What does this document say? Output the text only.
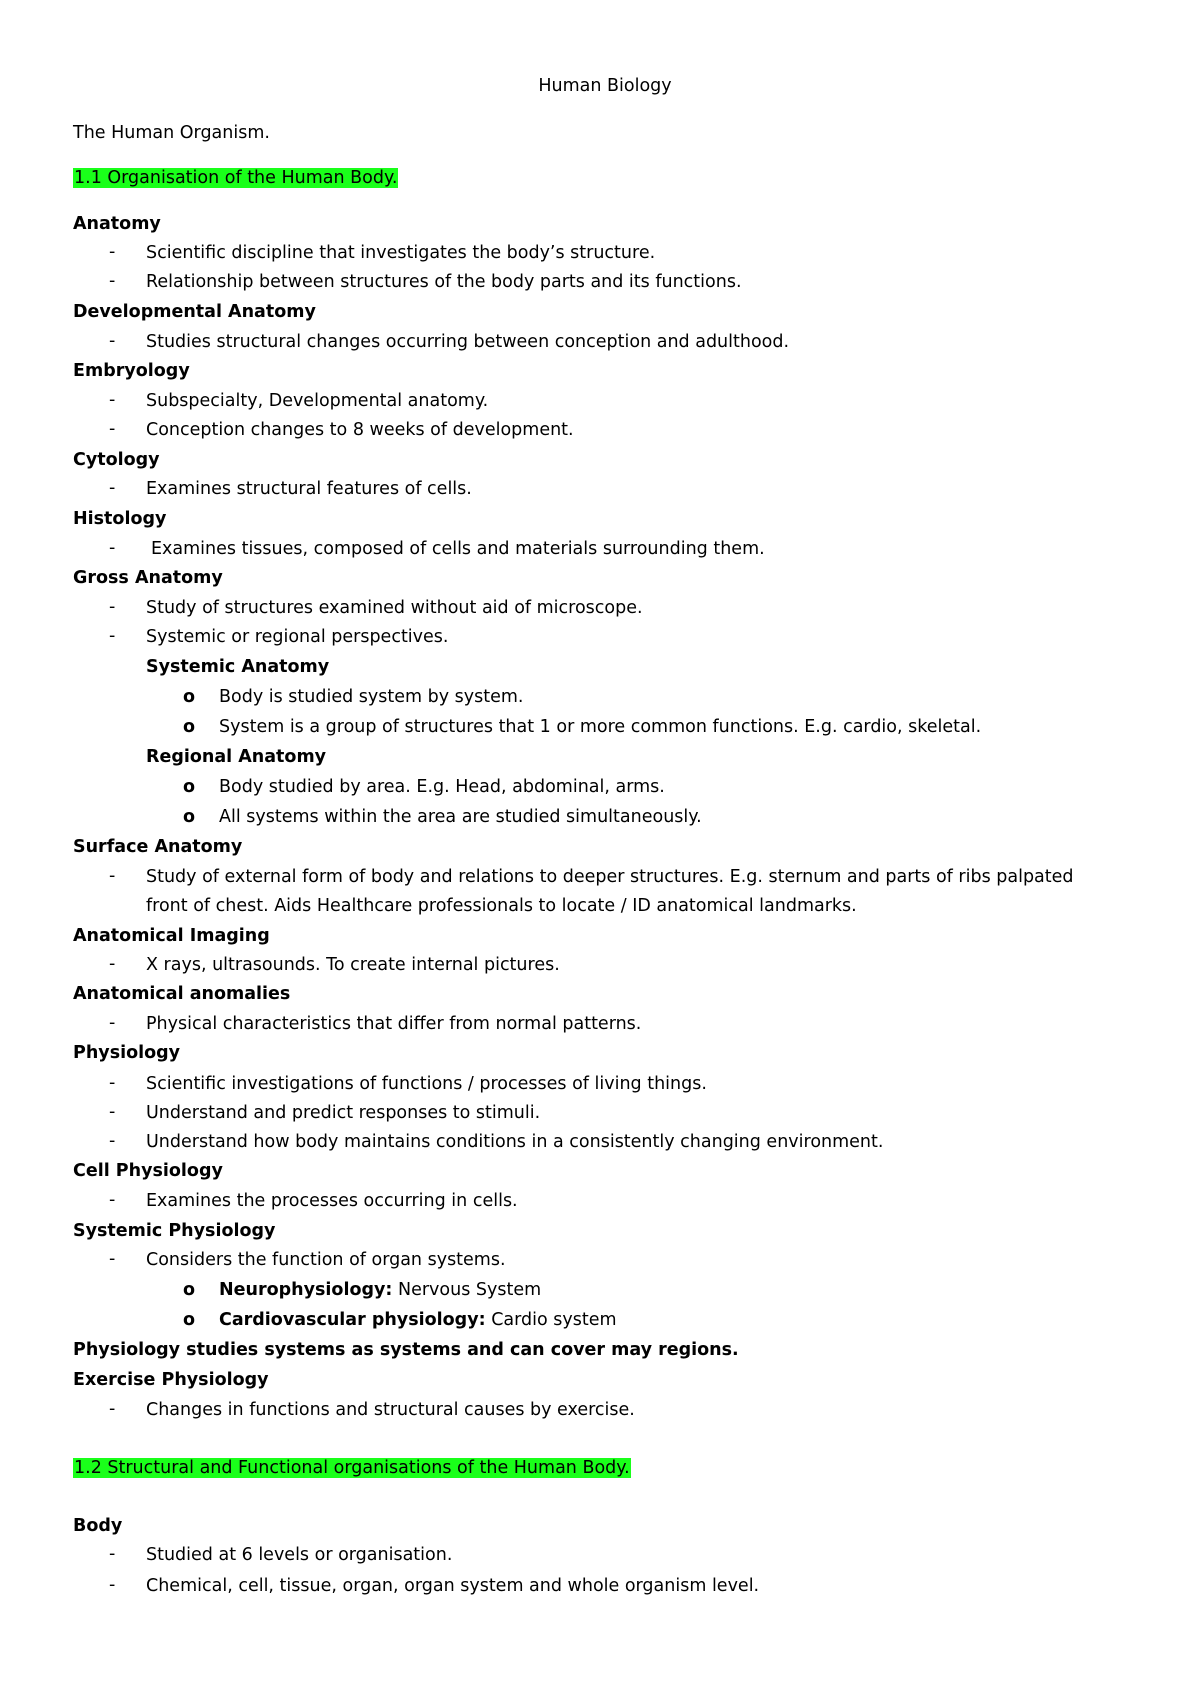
Human Biology
The Human Organism.
1.1 Organisation of the Human Body.
Anatomy
- Scientific discipline that investigates the body’s structure.
- Relationship between structures of the body parts and its functions.
Developmental Anatomy
- Studies structural changes occurring between conception and adulthood.
Embryology
- Subspecialty, Developmental anatomy.
- Conception changes to 8 weeks of development.
Cytology
- Examines structural features of cells.
Histology
- Examines tissues, composed of cells and materials surrounding them.
Gross Anatomy
- Study of structures examined without aid of microscope.
- Systemic or regional perspectives.
Systemic Anatomy
o Body is studied system by system.
o System is a group of structures that 1 or more common functions. E.g. cardio, skeletal.
Regional Anatomy
o Body studied by area. E.g. Head, abdominal, arms.
o All systems within the area are studied simultaneously.
Surface Anatomy
- Study of external form of body and relations to deeper structures. E.g. sternum and parts of ribs palpated
front of chest. Aids Healthcare professionals to locate / ID anatomical landmarks.
Anatomical Imaging
- X rays, ultrasounds. To create internal pictures.
Anatomical anomalies
- Physical characteristics that differ from normal patterns.
Physiology
- Scientific investigations of functions / processes of living things.
- Understand and predict responses to stimuli.
- Understand how body maintains conditions in a consistently changing environment.
Cell Physiology
- Examines the processes occurring in cells.
Systemic Physiology
- Considers the function of organ systems.
o Neurophysiology: Nervous System
o Cardiovascular physiology: Cardio system
Physiology studies systems as systems and can cover may regions.
Exercise Physiology
- Changes in functions and structural causes by exercise.
1.2 Structural and Functional organisations of the Human Body.
Body
- Studied at 6 levels or organisation.
- Chemical, cell, tissue, organ, organ system and whole organism level.
